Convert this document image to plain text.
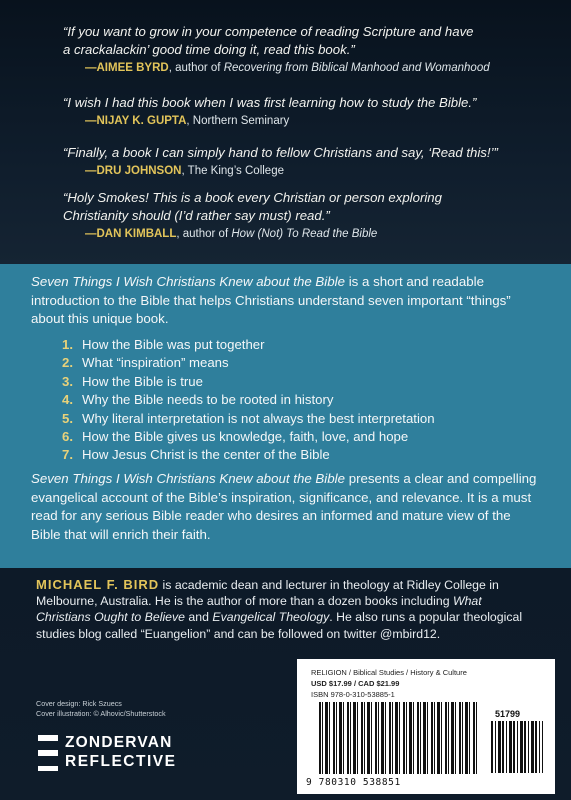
“If you want to grow in your competence of reading Scripture and have
a crackalackin’ good time doing it, read this book.”
—AIMEE BYRD, author of Recovering from Biblical Manhood and Womanhood
“I wish I had this book when I was first learning how to study the Bible.”
—NIJAY K. GUPTA, Northern Seminary
“Finally, a book I can simply hand to fellow Christians and say, ‘Read this!’”
—DRU JOHNSON, The King’s College
“Holy Smokes! This is a book every Christian or person exploring
Christianity should (I’d rather say must) read.”
—DAN KIMBALL, author of How (Not) To Read the Bible

Seven Things I Wish Christians Knew about the Bible is a short and readable introduction to the Bible that helps Christians understand seven important “things” about this unique book.

1. How the Bible was put together
2. What “inspiration” means
3. How the Bible is true
4. Why the Bible needs to be rooted in history
5. Why literal interpretation is not always the best interpretation
6. How the Bible gives us knowledge, faith, love, and hope
7. How Jesus Christ is the center of the Bible

Seven Things I Wish Christians Knew about the Bible presents a clear and compelling evangelical account of the Bible’s inspiration, significance, and relevance. It is a must read for any serious Bible reader who desires an informed and mature view of the Bible that will enrich their faith.

MICHAEL F. BIRD is academic dean and lecturer in theology at Ridley College in Melbourne, Australia. He is the author of more than a dozen books including What Christians Ought to Believe and Evangelical Theology. He also runs a popular theological studies blog called “Euangelion” and can be followed on twitter @mbird12.
Cover design: Rick Szuecs
Cover illustration: © Alhovic/Shutterstock
ZONDERVAN
REFLECTIVE
RELIGION / Biblical Studies / History & Culture
USD $17.99 / CAD $21.99
ISBN 978-0-310-53885-1
51799
9 780310 538851
